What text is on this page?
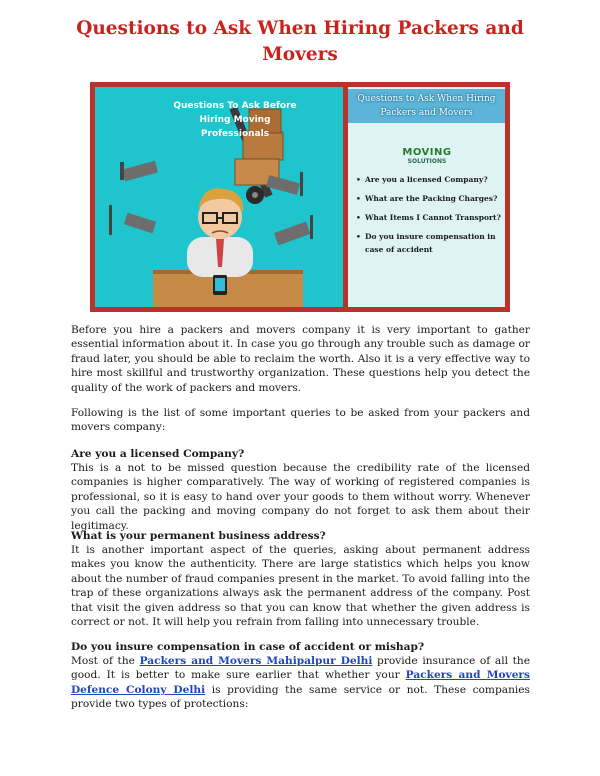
Questions to Ask When Hiring Packers and Movers
Questions To Ask Before Hiring Moving Professionals
Questions to Ask When Hiring Packers and Movers
MOVING
SOLUTIONS
• Are you a licensed Company?
• What are the Packing Charges?
• What Items I Cannot Transport?
• Do you insure compensation in case of accident

Before you hire a packers and movers company it is very important to gather essential information about it. In case you go through any trouble such as damage or fraud later, you should be able to reclaim the worth. Also it is a very effective way to hire most skillful and trustworthy organization. These questions help you detect the quality of the work of packers and movers.

Following is the list of some important queries to be asked from your packers and movers company:

Are you a licensed Company?

This is a not to be missed question because the credibility rate of the licensed companies is higher comparatively. The way of working of registered companies is professional, so it is easy to hand over your goods to them without worry. Whenever you call the packing and moving company do not forget to ask them about their legitimacy.

What is your permanent business address?

It is another important aspect of the queries, asking about permanent address makes you know the authenticity. There are large statistics which helps you know about the number of fraud companies present in the market. To avoid falling into the trap of these organizations always ask the permanent address of the company. Post that visit the given address so that you can know that whether the given address is correct or not. It will help you refrain from falling into unnecessary trouble.

Do you insure compensation in case of accident or mishap?

Most of the Packers and Movers Mahipalpur Delhi provide insurance of all the good. It is better to make sure earlier that whether your Packers and Movers Defence Colony Delhi is providing the same service or not. These companies provide two types of protections:
